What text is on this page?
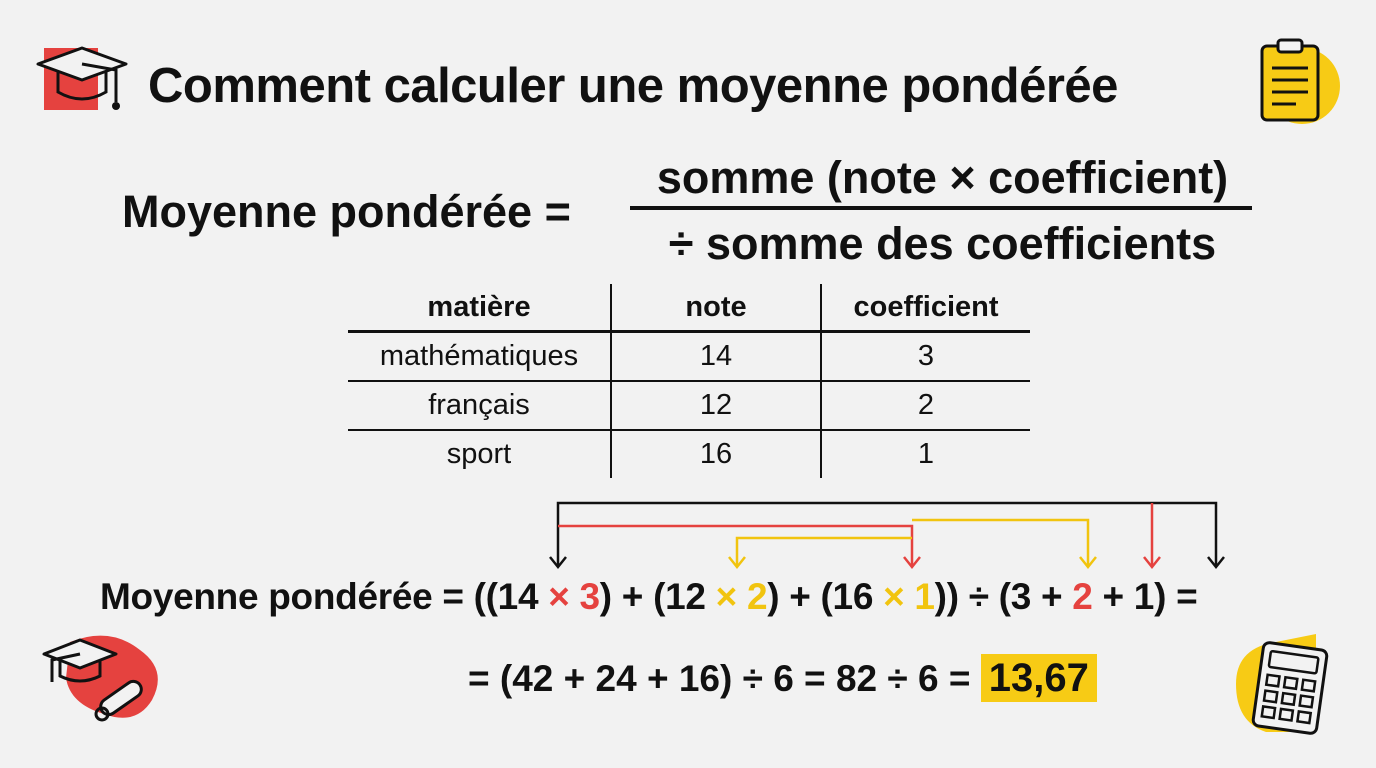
Comment calculer une moyenne pondérée
Moyenne pondérée =
somme (note × coefficient)
÷ somme des coefficients
matière	note	coefficient
mathématiques	14	3
français	12	2
sport	16	1
Moyenne pondérée = ((14 × 3) + (12 × 2) + (16 × 1)) ÷ (3 + 2 + 1) =
= (42 + 24 + 16) ÷ 6 = 82 ÷ 6 = 13,67
